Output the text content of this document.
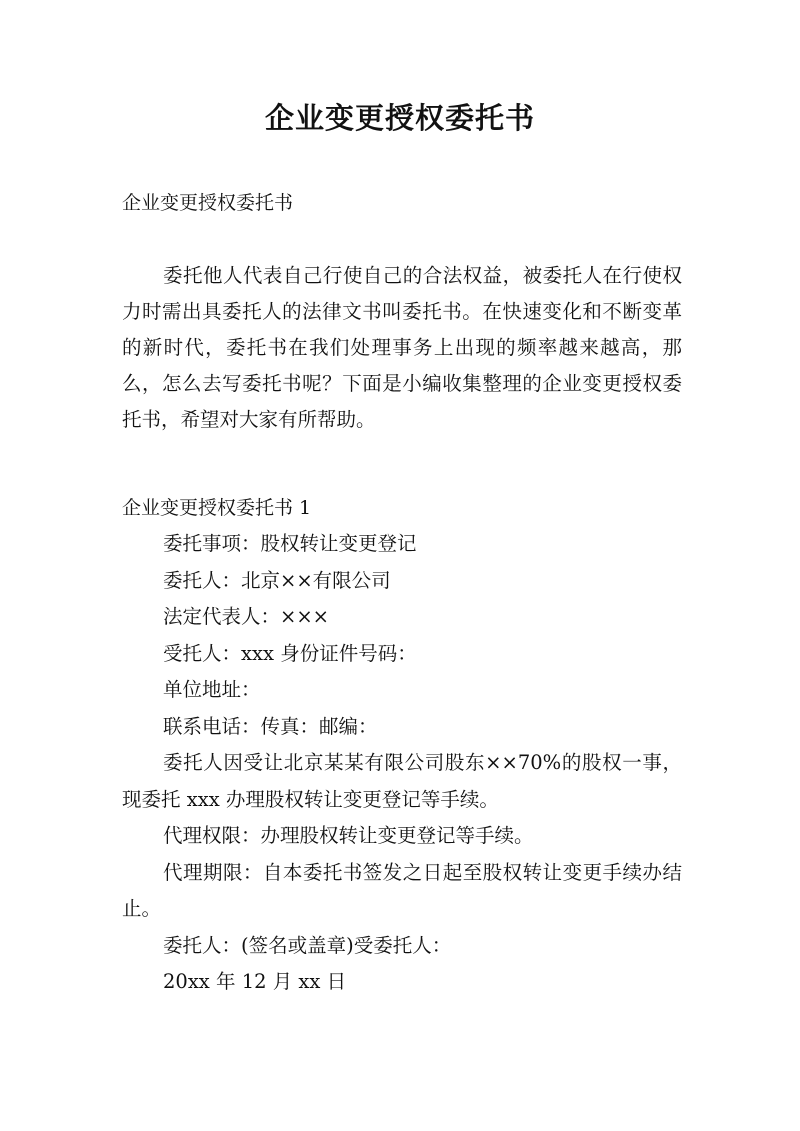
企业变更授权委托书

企业变更授权委托书

委托他人代表自己行使自己的合法权益，被委托人在行使权力时需出具委托人的法律文书叫委托书。在快速变化和不断变革的新时代，委托书在我们处理事务上出现的频率越来越高，那么，怎么去写委托书呢？下面是小编收集整理的企业变更授权委托书，希望对大家有所帮助。

企业变更授权委托书 1

委托事项：股权转让变更登记

委托人：北京××有限公司

法定代表人：×××

受托人：xxx 身份证件号码：

单位地址：

联系电话：传真：邮编：

委托人因受让北京某某有限公司股东××70%的股权一事，现委托 xxx 办理股权转让变更登记等手续。

代理权限：办理股权转让变更登记等手续。

代理期限：自本委托书签发之日起至股权转让变更手续办结止。

委托人：(签名或盖章)受委托人：

20xx 年 12 月 xx 日
